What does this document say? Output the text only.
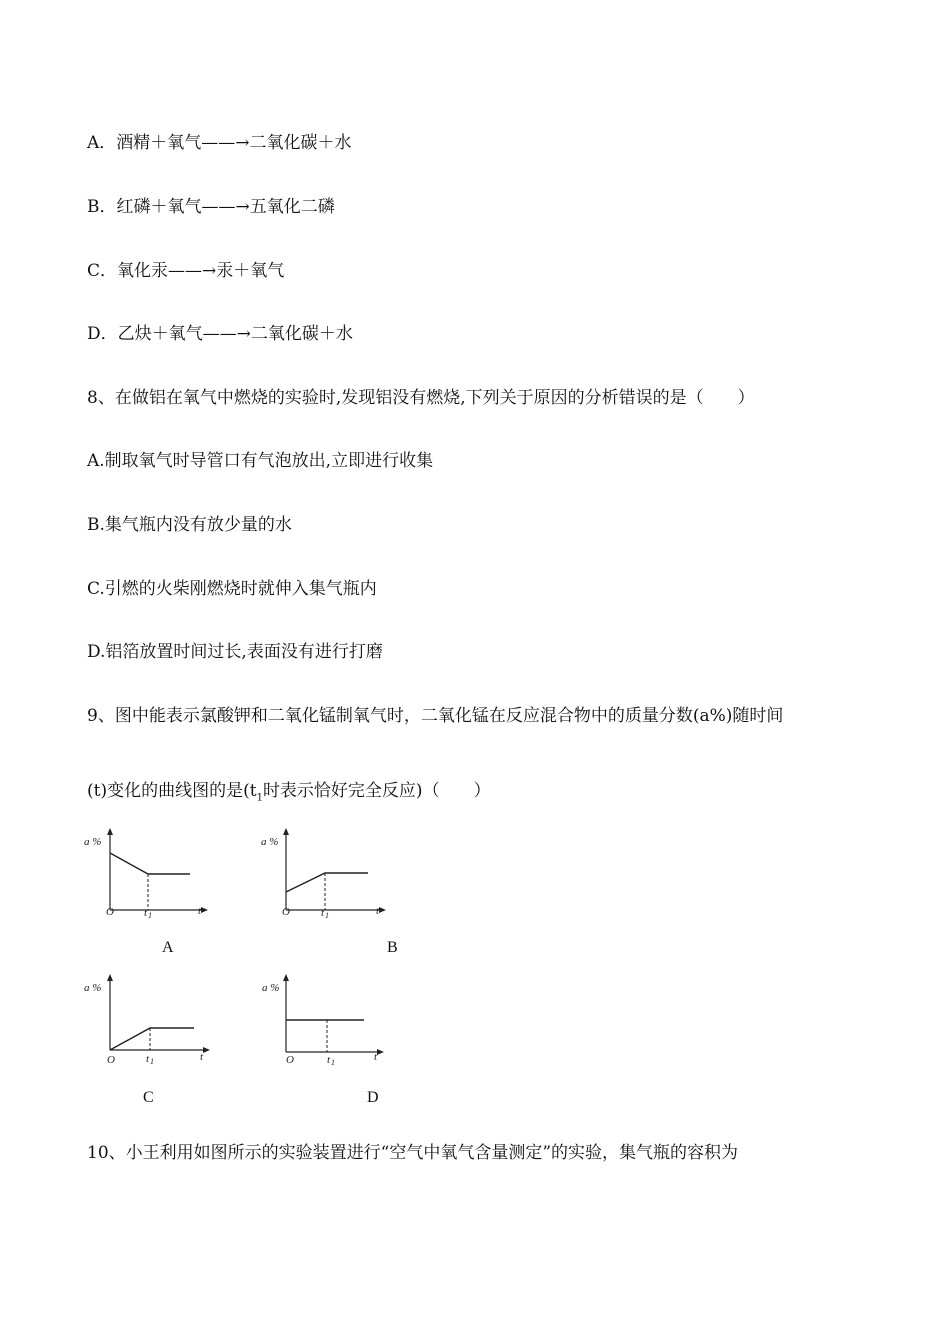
A．酒精＋氧气——→二氧化碳＋水
B．红磷＋氧气——→五氧化二磷
C．氧化汞——→汞＋氧气
D．乙炔＋氧气——→二氧化碳＋水
8、在做铝在氧气中燃烧的实验时,发现铝没有燃烧,下列关于原因的分析错误的是（　　）
A.制取氧气时导管口有气泡放出,立即进行收集
B.集气瓶内没有放少量的水
C.引燃的火柴刚燃烧时就伸入集气瓶内
D.铝箔放置时间过长,表面没有进行打磨
9、图中能表示氯酸钾和二氧化锰制氧气时，二氧化锰在反应混合物中的质量分数(a%)随时间
(t)变化的曲线图的是($t_1$时表示恰好完全反应)（　　）
a %
O	t
t 1
A
a %
O	t
t 1
B
a %
O	t
t 1
C
a %
O	t
t 1
D
10、小王利用如图所示的实验装置进行“空气中氧气含量测定”的实验，集气瓶的容积为
